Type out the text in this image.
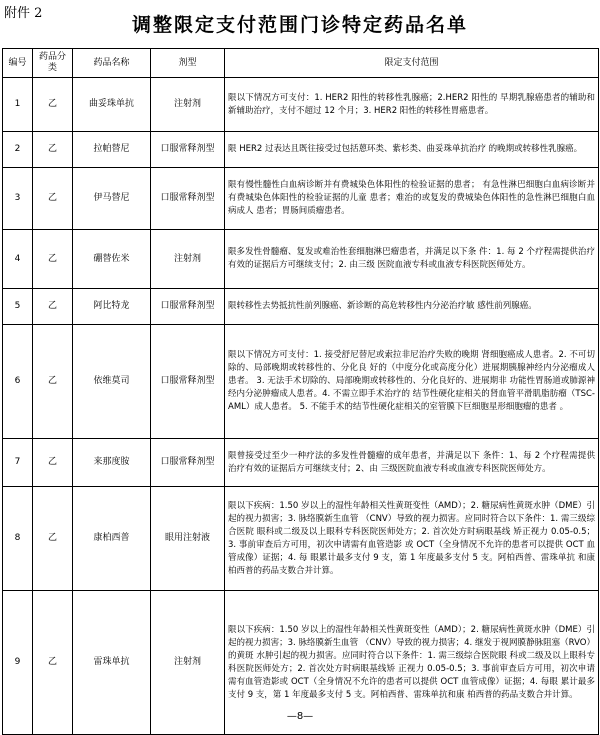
附件 2
调整限定支付范围门诊特定药品名单
编号	药品分类	药品名称	剂型	限定支付范围
1	乙	曲妥珠单抗	注射剂	限以下情况方可支付：1. HER2 阳性的转移性乳腺癌；2.HER2 阳性的 早期乳腺癌患者的辅助和新辅助治疗，支付不超过 12 个月；3. HER2 阳性的转移性胃癌患者。
2	乙	拉帕替尼	口服常释剂型	限 HER2 过表达且既往接受过包括蒽环类、紫杉类、曲妥珠单抗治疗 的晚期或转移性乳腺癌。
3	乙	伊马替尼	口服常释剂型	限有慢性髓性白血病诊断并有费城染色体阳性的检验证据的患者； 有急性淋巴细胞白血病诊断并有费城染色体阳性的检验证据的儿童 患者；难治的或复发的费城染色体阳性的急性淋巴细胞白血病成人 患者；胃肠间质瘤患者。
4	乙	硼替佐米	注射剂	限多发性骨髓瘤、复发或难治性套细胞淋巴瘤患者，并满足以下条 件：1. 每 2 个疗程需提供治疗有效的证据后方可继续支付；2. 由三级 医院血液专科或血液专科医院医师处方。
5	乙	阿比特龙	口服常释剂型	限转移性去势抵抗性前列腺癌、新诊断的高危转移性内分泌治疗敏 感性前列腺癌。
6	乙	依维莫司	口服常释剂型	限以下情况方可支付：1. 接受舒尼替尼或索拉非尼治疗失败的晚期 肾细胞癌成人患者。2. 不可切除的、局部晚期或转移性的、分化良 好的（中度分化或高度分化）进展期胰腺神经内分泌瘤成人患者。 3. 无法手术切除的、局部晚期或转移性的、分化良好的、进展期非 功能性胃肠道或肺源神经内分泌肿瘤成人患者。4. 不需立即手术治疗的 结节性硬化症相关的肾血管平滑肌脂肪瘤（TSC-AML）成人患者。 5. 不能手术的结节性硬化症相关的室管膜下巨细胞星形细胞瘤的患者 。
7	乙	来那度胺	口服常释剂型	限曾接受过至少一种疗法的多发性骨髓瘤的成年患者，并满足以下 条件：1、每 2 个疗程需提供治疗有效的证据后方可继续支付；2、由 三级医院血液专科或血液专科医院医师处方。
8	乙	康柏西普	眼用注射液	限以下疾病：1.50 岁以上的湿性年龄相关性黄斑变性（AMD）；2. 糖尿病性黄斑水肿（DME）引起的视力损害；3. 脉络膜新生血管 （CNV）导致的视力损害。应同时符合以下条件：1. 需三级综合医院 眼科或二级及以上眼科专科医院医师处方；2. 首次处方时病眼基线 矫正视力 0.05-0.5；3. 事前审查后方可用，初次申请需有血管造影 或 OCT（全身情况不允许的患者可以提供 OCT 血管成像）证据；4. 每 眼累计最多支付 9 支，第 1 年度最多支付 5 支。阿柏西普、雷珠单抗 和康柏西普的药品支数合并计算。
9	乙	雷珠单抗	注射剂	限以下疾病：1.50 岁以上的湿性年龄相关性黄斑变性（AMD）；2. 糖尿病性黄斑水肿（DME）引起的视力损害；3. 脉络膜新生血管 （CNV）导致的视力损害；4. 继发于视网膜静脉阻塞（RVO）的黄斑 水肿引起的视力损害。应同时符合以下条件：1. 需三级综合医院眼 科或二级及以上眼科专科医院医师处方；2. 首次处方时病眼基线矫 正视力 0.05-0.5；3. 事前审查后方可用，初次申请需有血管造影或 OCT（全身情况不允许的患者可以提供 OCT 血管成像）证据；4. 每眼 累计最多支付 9 支，第 1 年度最多支付 5 支。阿柏西普、雷珠单抗和康 柏西普的药品支数合并计算。
—8—
